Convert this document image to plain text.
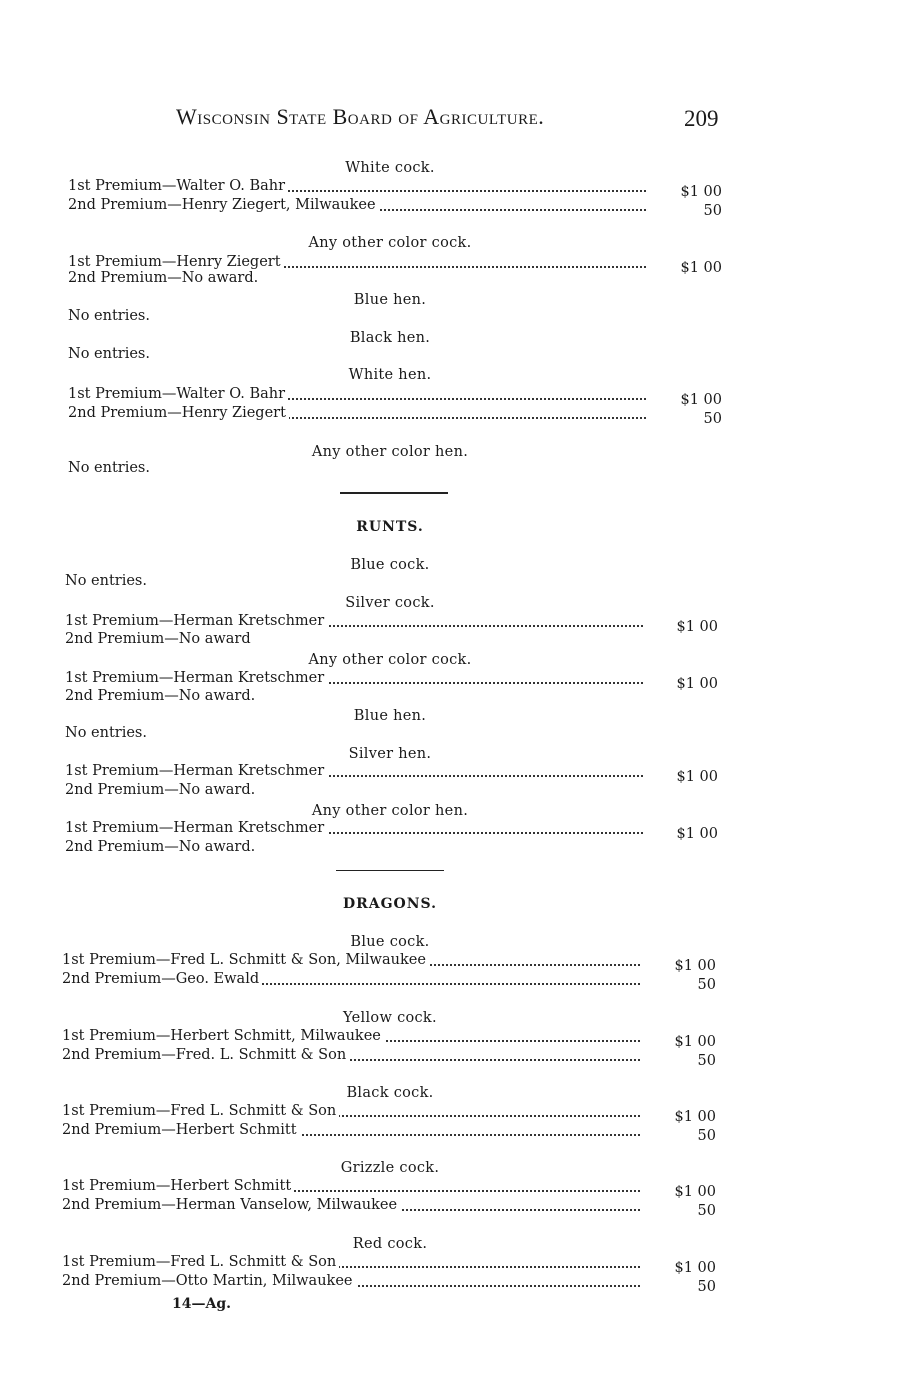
Wisconsin State Board of Agriculture.	209
White cock.
1st Premium—Walter O. Bahr	$1 00
2nd Premium—Henry Ziegert, Milwaukee	50
Any other color cock.
1st Premium—Henry Ziegert	$1 00
2nd Premium—No award.
Blue hen.
No entries.
Black hen.
No entries.
White hen.
1st Premium—Walter O. Bahr	$1 00
2nd Premium—Henry Ziegert	50
Any other color hen.
No entries.
RUNTS.
Blue cock.
No entries.
Silver cock.
1st Premium—Herman Kretschmer	$1 00
2nd Premium—No award
Any other color cock.
1st Premium—Herman Kretschmer	$1 00
2nd Premium—No award.
Blue hen.
No entries.
Silver hen.
1st Premium—Herman Kretschmer	$1 00
2nd Premium—No award.
Any other color hen.
1st Premium—Herman Kretschmer	$1 00
2nd Premium—No award.
DRAGONS.
Blue cock.
1st Premium—Fred L. Schmitt & Son, Milwaukee	$1 00
2nd Premium—Geo. Ewald	50
Yellow cock.
1st Premium—Herbert Schmitt, Milwaukee	$1 00
2nd Premium—Fred. L. Schmitt & Son	50
Black cock.
1st Premium—Fred L. Schmitt & Son	$1 00
2nd Premium—Herbert Schmitt	50
Grizzle cock.
1st Premium—Herbert Schmitt	$1 00
2nd Premium—Herman Vanselow, Milwaukee	50
Red cock.
1st Premium—Fred L. Schmitt & Son	$1 00
2nd Premium—Otto Martin, Milwaukee	50
14—Ag.
